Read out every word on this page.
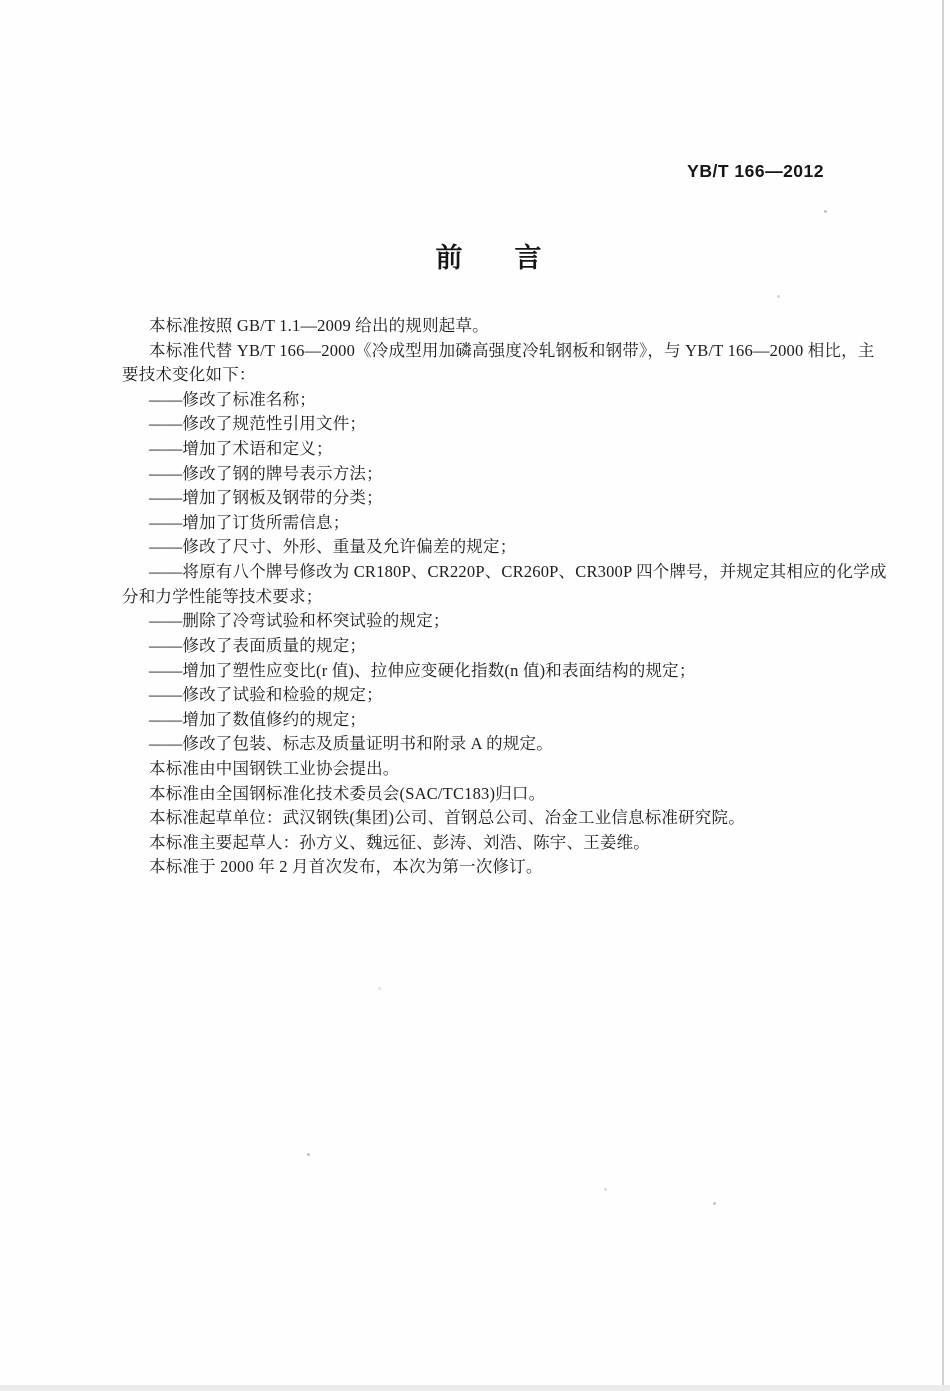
YB/T 166—2012
前言
本标准按照 GB/T 1.1—2009 给出的规则起草。
本标准代替 YB/T 166—2000《冷成型用加磷高强度冷轧钢板和钢带》，与 YB/T 166—2000 相比，主
要技术变化如下：
——修改了标准名称；
——修改了规范性引用文件；
——增加了术语和定义；
——修改了钢的牌号表示方法；
——增加了钢板及钢带的分类；
——增加了订货所需信息；
——修改了尺寸、外形、重量及允许偏差的规定；
——将原有八个牌号修改为 CR180P、CR220P、CR260P、CR300P 四个牌号，并规定其相应的化学成
分和力学性能等技术要求；
——删除了冷弯试验和杯突试验的规定；
——修改了表面质量的规定；
——增加了塑性应变比(r 值)、拉伸应变硬化指数(n 值)和表面结构的规定；
——修改了试验和检验的规定；
——增加了数值修约的规定；
——修改了包装、标志及质量证明书和附录 A 的规定。
本标准由中国钢铁工业协会提出。
本标准由全国钢标准化技术委员会(SAC/TC183)归口。
本标准起草单位：武汉钢铁(集团)公司、首钢总公司、冶金工业信息标准研究院。
本标准主要起草人：孙方义、魏远征、彭涛、刘浩、陈宇、王姜维。
本标准于 2000 年 2 月首次发布，本次为第一次修订。
